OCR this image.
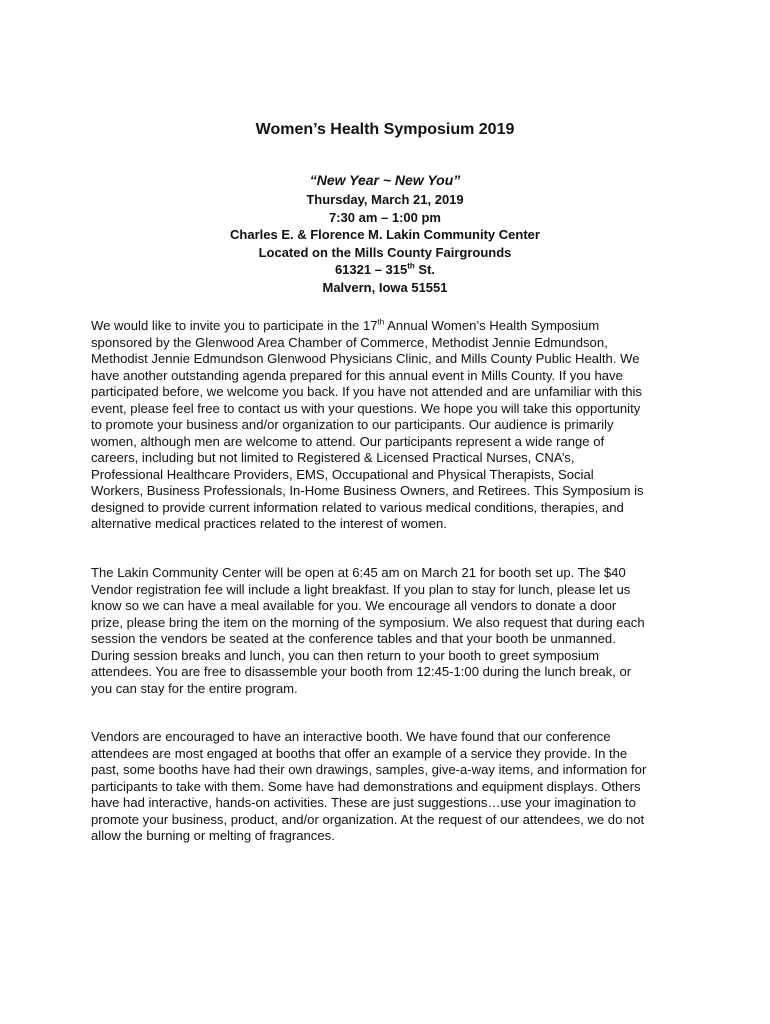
Women’s Health Symposium 2019
“New Year ~ New You”
Thursday, March 21, 2019
7:30 am – 1:00 pm
Charles E. & Florence M. Lakin Community Center
Located on the Mills County Fairgrounds
61321 – 315th St.
Malvern, Iowa 51551

We would like to invite you to participate in the 17th Annual Women’s Health Symposium
sponsored by the Glenwood Area Chamber of Commerce, Methodist Jennie Edmundson,
Methodist Jennie Edmundson Glenwood Physicians Clinic, and Mills County Public Health. We
have another outstanding agenda prepared for this annual event in Mills County. If you have
participated before, we welcome you back. If you have not attended and are unfamiliar with this
event, please feel free to contact us with your questions. We hope you will take this opportunity
to promote your business and/or organization to our participants. Our audience is primarily
women, although men are welcome to attend. Our participants represent a wide range of
careers, including but not limited to Registered & Licensed Practical Nurses, CNA’s,
Professional Healthcare Providers, EMS, Occupational and Physical Therapists, Social
Workers, Business Professionals, In-Home Business Owners, and Retirees. This Symposium is
designed to provide current information related to various medical conditions, therapies, and
alternative medical practices related to the interest of women.

The Lakin Community Center will be open at 6:45 am on March 21 for booth set up. The $40
Vendor registration fee will include a light breakfast. If you plan to stay for lunch, please let us
know so we can have a meal available for you. We encourage all vendors to donate a door
prize, please bring the item on the morning of the symposium. We also request that during each
session the vendors be seated at the conference tables and that your booth be unmanned.
During session breaks and lunch, you can then return to your booth to greet symposium
attendees. You are free to disassemble your booth from 12:45-1:00 during the lunch break, or
you can stay for the entire program.

Vendors are encouraged to have an interactive booth. We have found that our conference
attendees are most engaged at booths that offer an example of a service they provide. In the
past, some booths have had their own drawings, samples, give-a-way items, and information for
participants to take with them. Some have had demonstrations and equipment displays. Others
have had interactive, hands-on activities. These are just suggestions…use your imagination to
promote your business, product, and/or organization. At the request of our attendees, we do not
allow the burning or melting of fragrances.
